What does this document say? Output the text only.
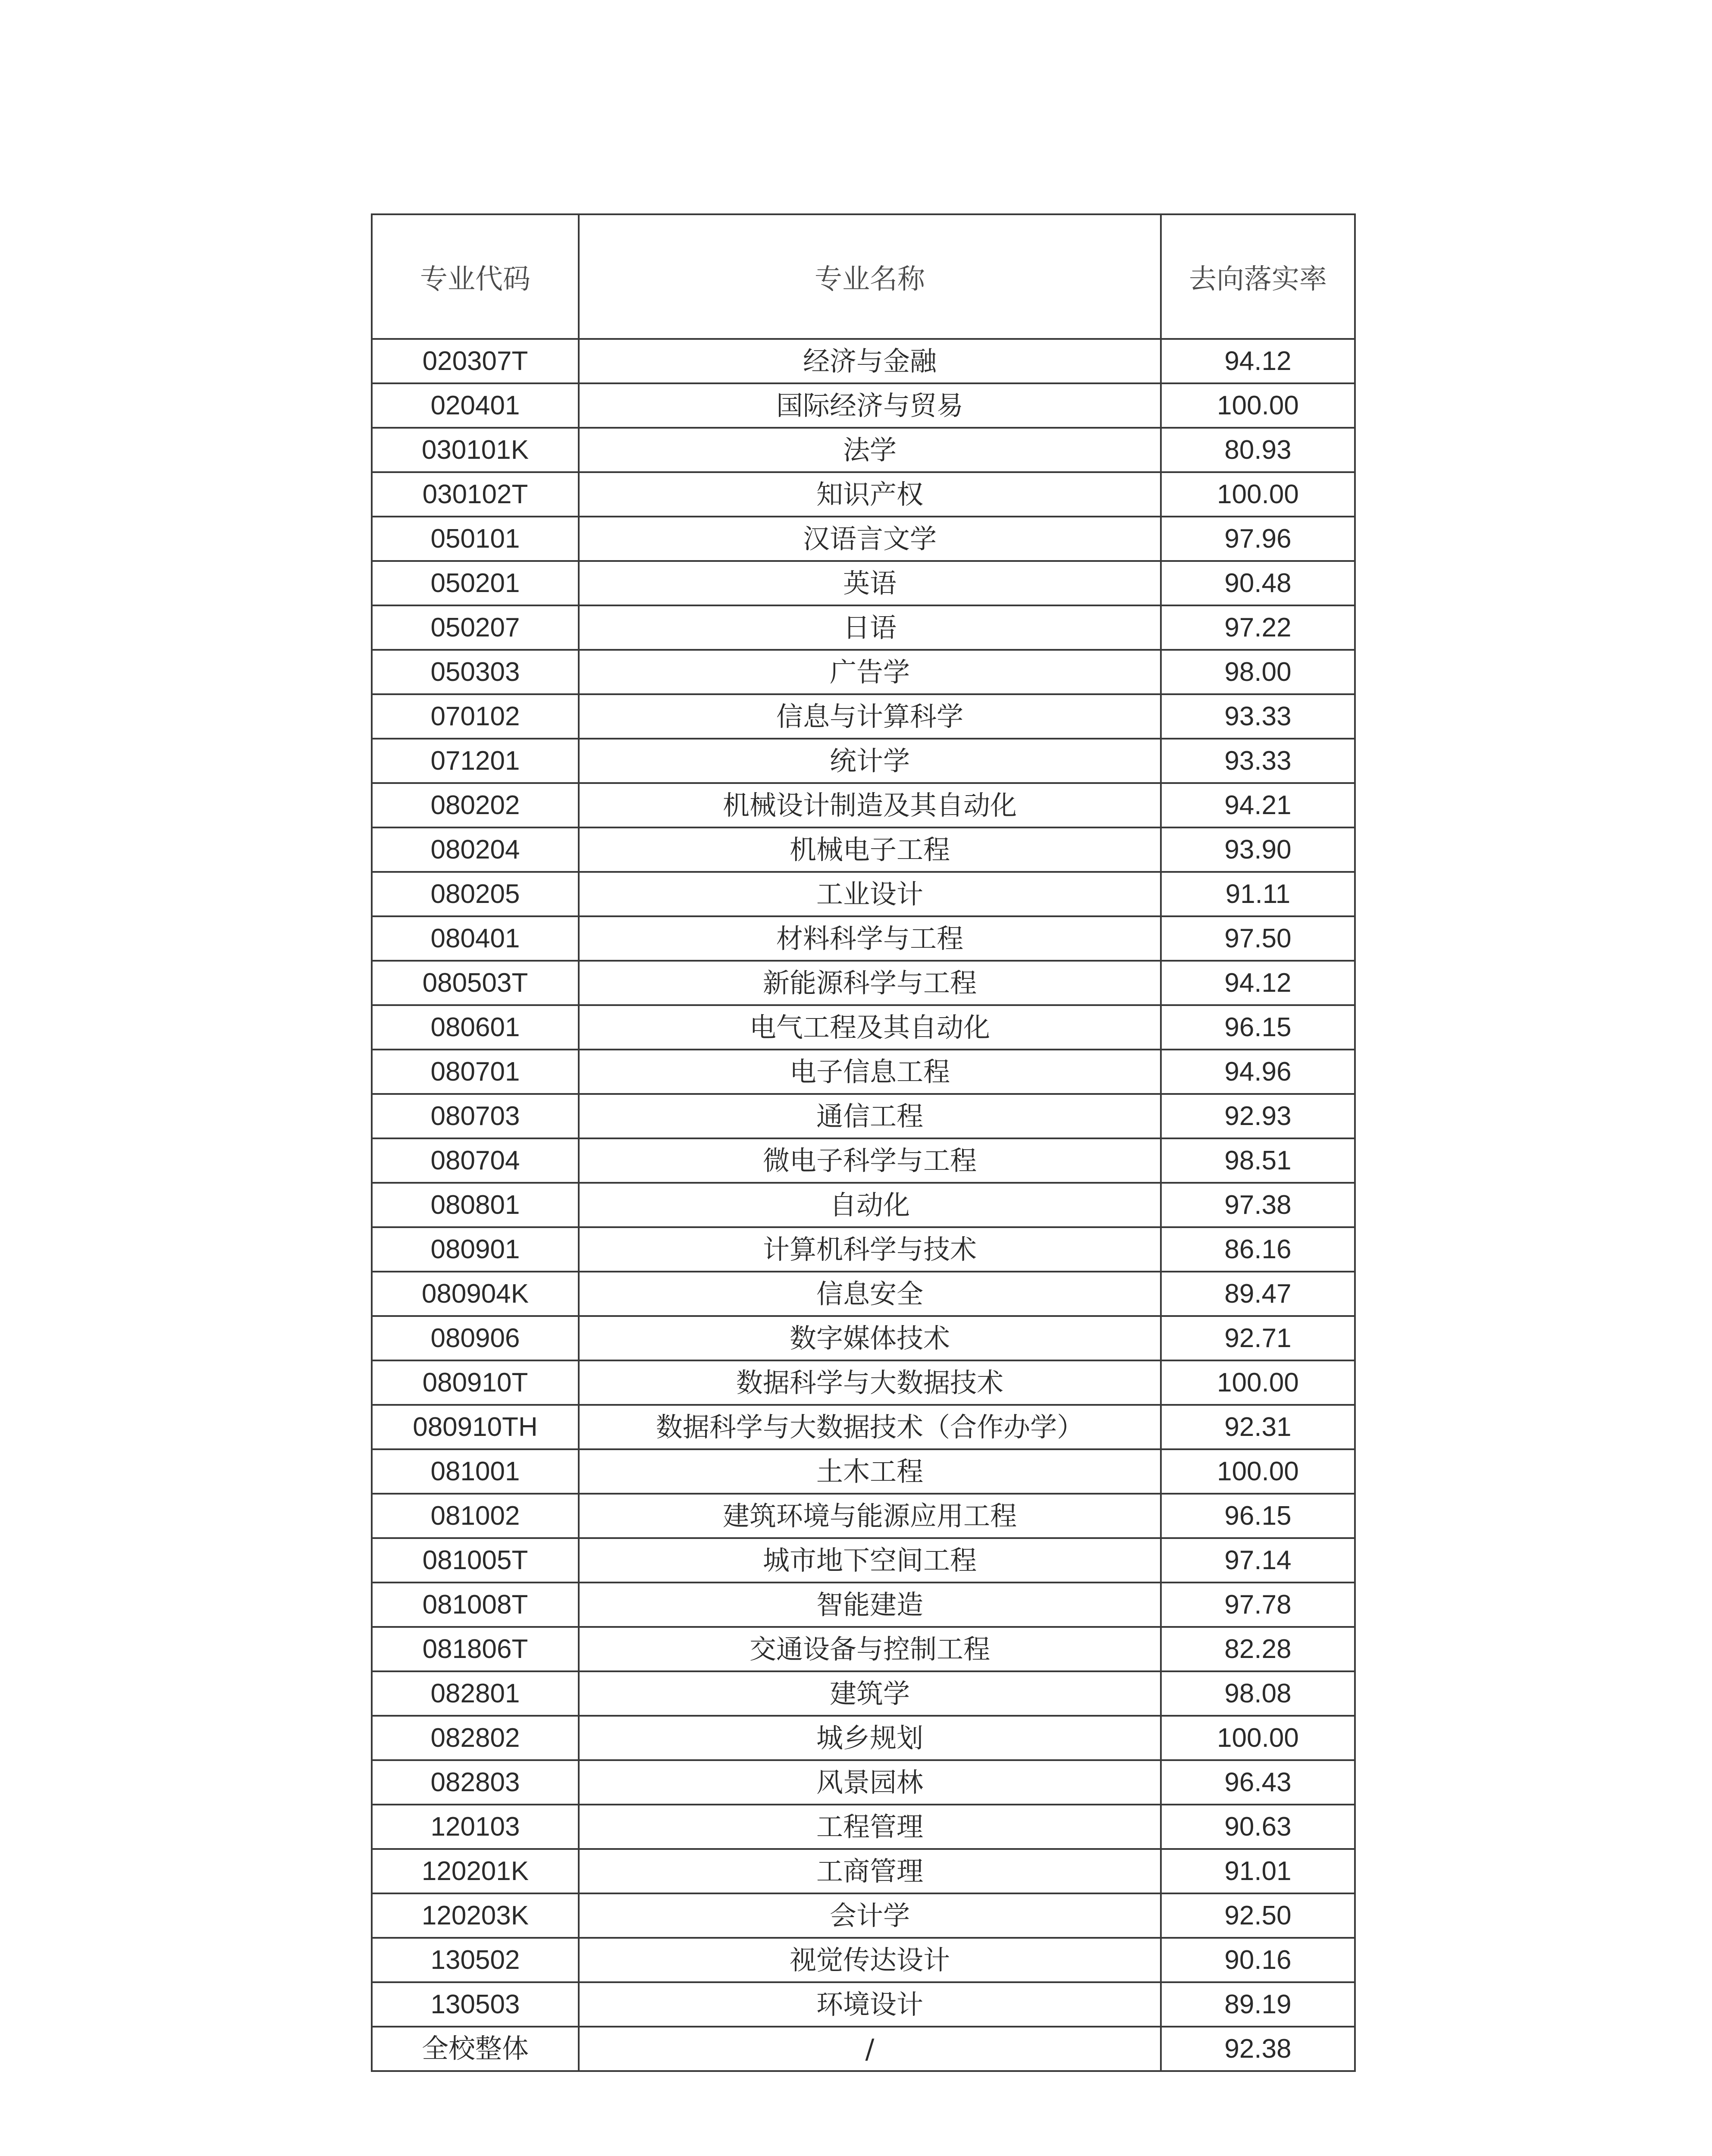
专业代码	专业名称	去向落实率
020307T	经济与金融	94.12
020401	国际经济与贸易	100.00
030101K	法学	80.93
030102T	知识产权	100.00
050101	汉语言文学	97.96
050201	英语	90.48
050207	日语	97.22
050303	广告学	98.00
070102	信息与计算科学	93.33
071201	统计学	93.33
080202	机械设计制造及其自动化	94.21
080204	机械电子工程	93.90
080205	工业设计	91.11
080401	材料科学与工程	97.50
080503T	新能源科学与工程	94.12
080601	电气工程及其自动化	96.15
080701	电子信息工程	94.96
080703	通信工程	92.93
080704	微电子科学与工程	98.51
080801	自动化	97.38
080901	计算机科学与技术	86.16
080904K	信息安全	89.47
080906	数字媒体技术	92.71
080910T	数据科学与大数据技术	100.00
080910TH	数据科学与大数据技术（合作办学）	92.31
081001	土木工程	100.00
081002	建筑环境与能源应用工程	96.15
081005T	城市地下空间工程	97.14
081008T	智能建造	97.78
081806T	交通设备与控制工程	82.28
082801	建筑学	98.08
082802	城乡规划	100.00
082803	风景园林	96.43
120103	工程管理	90.63
120201K	工商管理	91.01
120203K	会计学	92.50
130502	视觉传达设计	90.16
130503	环境设计	89.19
全校整体	/	92.38
